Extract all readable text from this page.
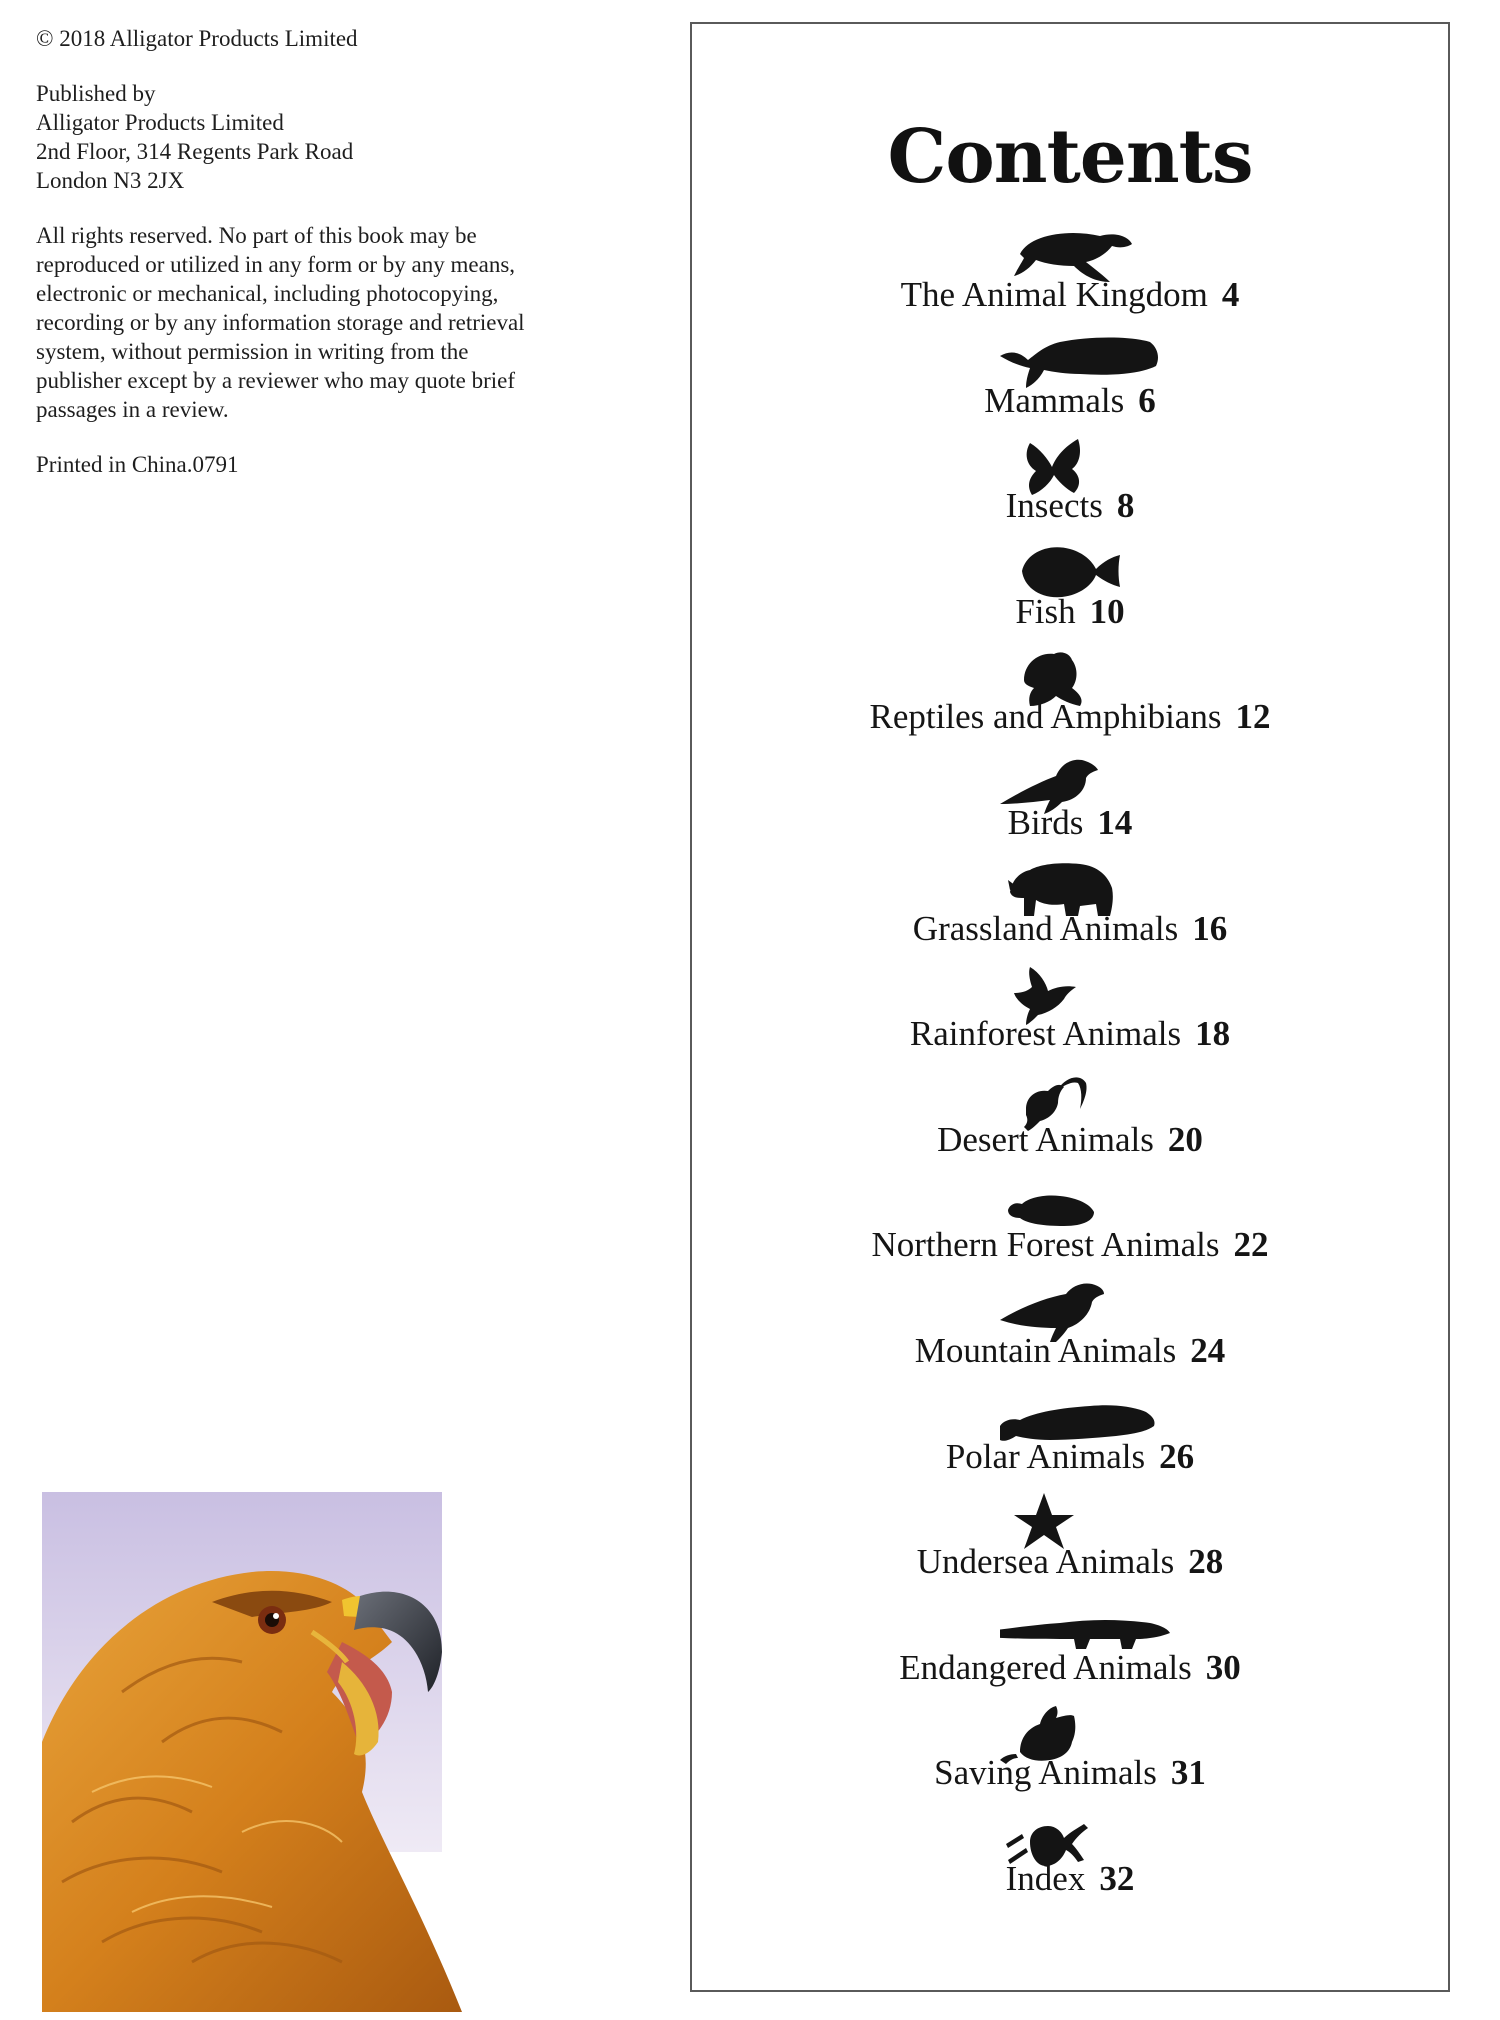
© 2018 Alligator Products Limited

Published by
Alligator Products Limited
2nd Floor, 314 Regents Park Road
London N3 2JX

All rights reserved. No part of this book may be
reproduced or utilized in any form or by any means,
electronic or mechanical, including photocopying,
recording or by any information storage and retrieval
system, without permission in writing from the
publisher except by a reviewer who may quote brief
passages in a review.

Printed in China.0791

Contents
The Animal Kingdom 4
Mammals 6
Insects 8
Fish 10
Reptiles and Amphibians 12
Birds 14
Grassland Animals 16
Rainforest Animals 18
Desert Animals 20
Northern Forest Animals 22
Mountain Animals 24
Polar Animals 26
Undersea Animals 28
Endangered Animals 30
Saving Animals 31
Index 32
